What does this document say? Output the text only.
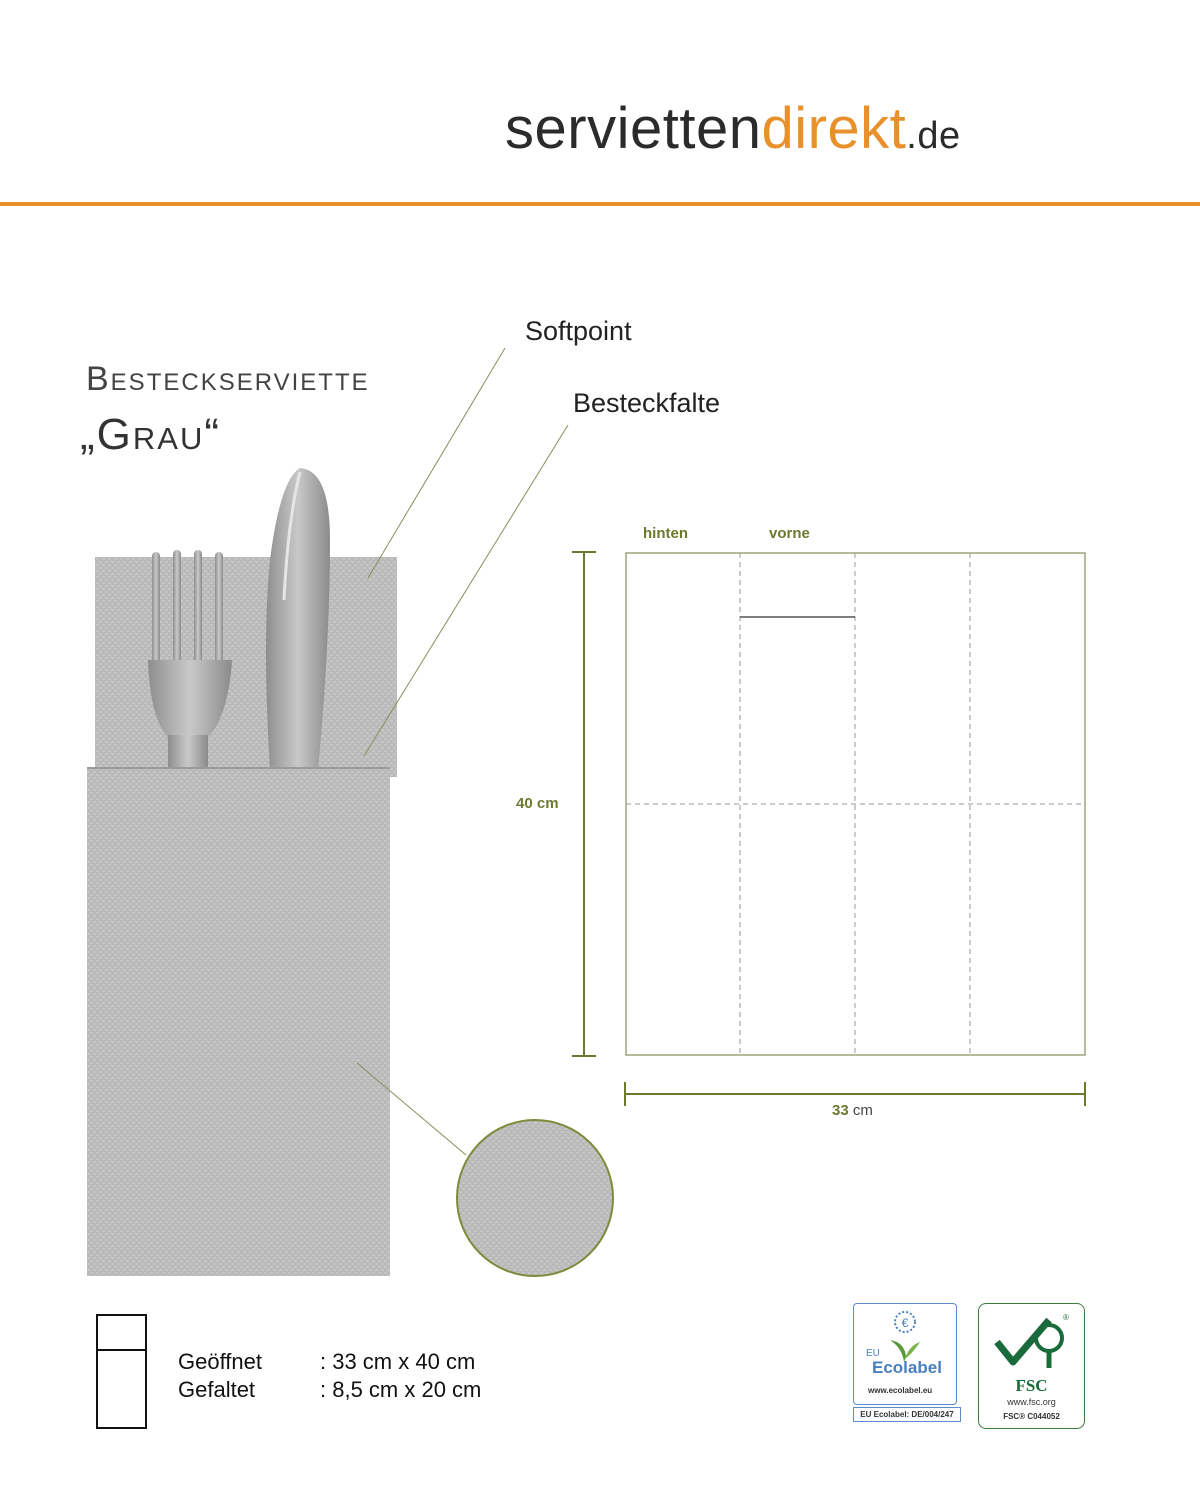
serviettendirekt.de
Besteckserviette
„Grau“
Softpoint
Besteckfalte
hinten	vorne
40 cm
33 cm
Geöffnet	: 33 cm x 40 cm
Gefaltet	: 8,5 cm x 20 cm
€
EU
Ecolabel
www.ecolabel.eu
EU Ecolabel: DE/004/247
®
FSC
www.fsc.org
FSC® C044052
